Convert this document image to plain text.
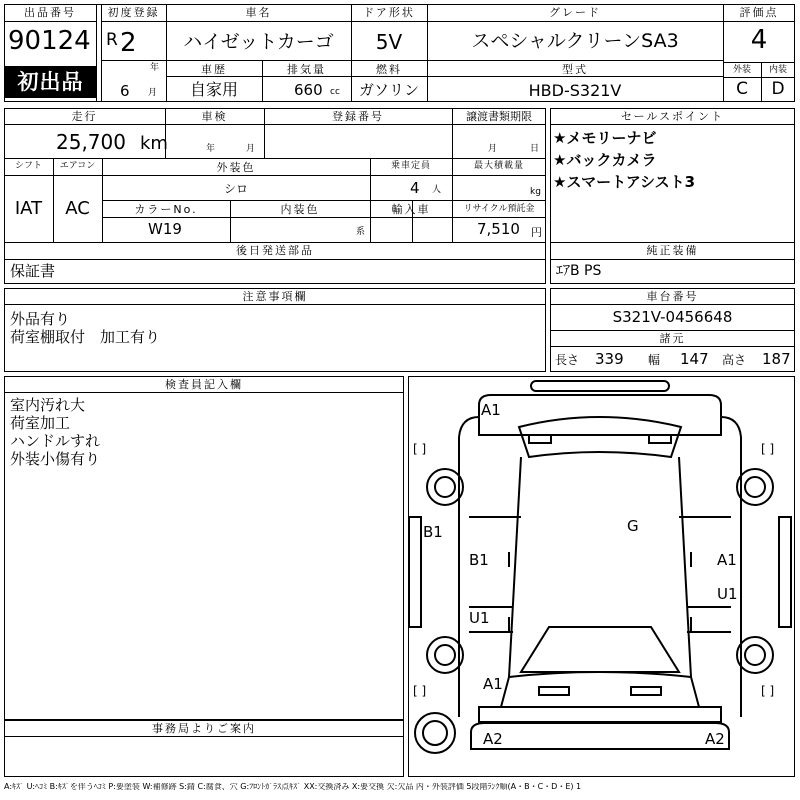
出品番号
90124
初出品
初度登録
R 2
年
6 月
車名
ハイゼットカーゴ
ドア形状
5V
グレード
スペシャルクリーンSA3
評価点
4
車歴
自家用
排気量
660 cc
燃料
ガソリン
型式
HBD-S321V
外装	内装
C	D
走行
25,700 km
車検
年	月
登録番号	譲渡書類期限
月	日
シフト	エアコン
IAT	AC
外装色
シロ
乗車定員
4 人
最大積載量
kg
カラーNo.
W19
内装色
系
輸入車	リサイクル預託金
7,510 円
後日発送部品
保証書
セールスポイント
★メモリーナビ
★バックカメラ
★スマートアシスト3
純正装備
ｴｱB PS
注意事項欄
外品有り
荷室棚取付　加工有り
車台番号
S321V-0456648
諸元
長さ 339 幅 147 高さ 187
検査員記入欄
室内汚れ大
荷室加工
ハンドルすれ
外装小傷有り
事務局よりご案内
A1
B1	G
B1	A1
U1
U1
A1
A2	A2
[ ]	[ ]
[ ]	[ ]
A:ｷｽﾞ U:ﾍｺﾐ B:ｷｽﾞを伴うﾍｺﾐ P:要塗装 W:補修跡 S:錆 C:腐食、穴 G:ﾌﾛﾝﾄｶﾞﾗｽ点ｷｽﾞ XX:交換済み X:要交換 欠:欠品 内・外装評価 5段階ﾗﾝｸ順(A・B・C・D・E) 1
